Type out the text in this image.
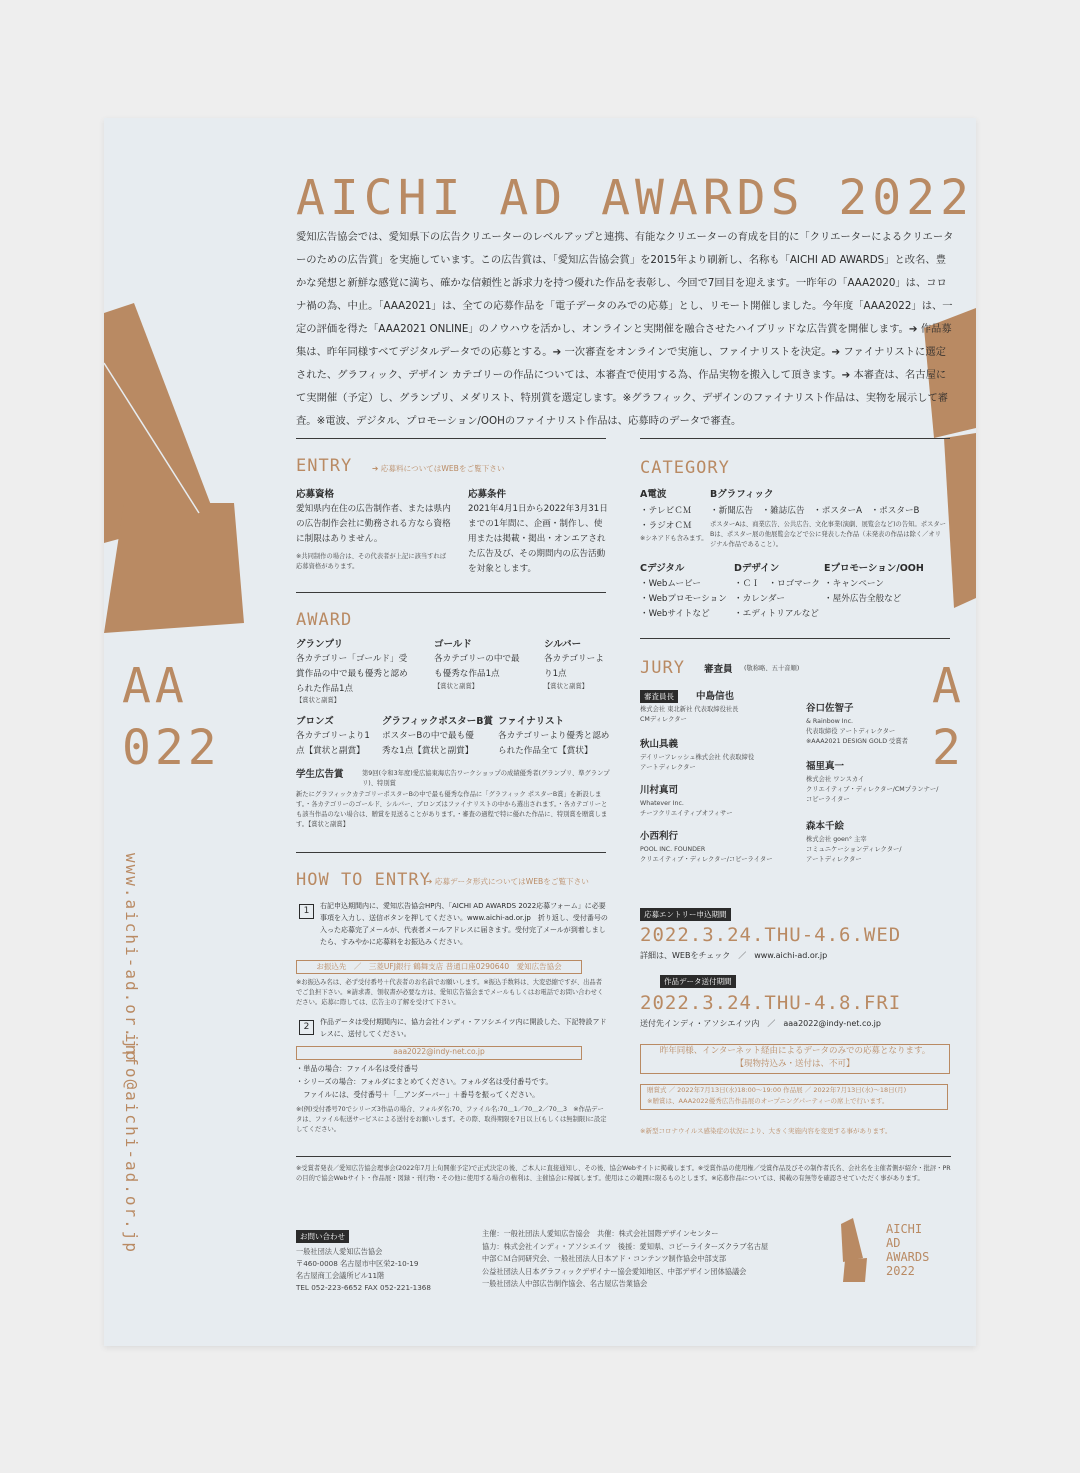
AICHI AD AWARDS 2022
愛知広告協会では、愛知県下の広告クリエーターのレベルアップと連携、有能なクリエーターの育成を目的に「クリエーターによるクリエーターのための広告賞」を実施しています。この広告賞は、「愛知広告協会賞」を2015年より刷新し、名称も「AICHI AD AWARDS」と改名、豊かな発想と新鮮な感覚に満ち、確かな信頼性と訴求力を持つ優れた作品を表彰し、今回で7回目を迎えます。一昨年の「AAA2020」は、コロナ禍の為、中止。「AAA2021」は、全ての応募作品を「電子データのみでの応募」とし、リモート開催しました。今年度「AAA2022」は、一定の評価を得た「AAA2021 ONLINE」のノウハウを活かし、オンラインと実開催を融合させたハイブリッドな広告賞を開催します。➔ 作品募集は、昨年同様すべてデジタルデータでの応募とする。➔ 一次審査をオンラインで実施し、ファイナリストを決定。➔ ファイナリストに選定された、グラフィック、デザイン カテゴリーの作品については、本審査で使用する為、作品実物を搬入して頂きます。➔ 本審査は、名古屋にて実開催（予定）し、グランプリ、メダリスト、特別賞を選定します。※グラフィック、デザインのファイナリスト作品は、実物を展示して審査。※電波、デジタル、プロモーション/OOHのファイナリスト作品は、応募時のデータで審査。
AA
022
A
2
www.aichi-ad.or.jp
info@aichi-ad.or.jp
ENTRY	➔ 応募料についてはWEBをご覧下さい
応募資格
愛知県内在住の広告制作者、または県内の広告制作会社に勤務される方なら資格に制限はありません。
※共同制作の場合は、その代表者が上記に該当すれば応募資格があります。
応募条件
2021年4月1日から2022年3月31日までの1年間に、企画・制作し、使用または掲載・掲出・オンエアされた広告及び、その期間内の広告活動を対象とします。
AWARD
グランプリ
各カテゴリー「ゴールド」受賞作品の中で最も優秀と認められた作品1点
【賞状と副賞】
ゴールド
各カテゴリーの中で最も優秀な作品1点
【賞状と副賞】
シルバー
各カテゴリーより1点
【賞状と副賞】
ブロンズ
各カテゴリーより1点【賞状と副賞】
グラフィックポスターB賞
ポスターBの中で最も優秀な1点【賞状と副賞】
ファイナリスト
各カテゴリーより優秀と認められた作品全て【賞状】
学生広告賞	第9回(令和3年度)愛広協東海広告ワークショップの成績優秀者(グランプリ、準グランプリ)、特別賞
新たにグラフィックカテゴリーポスターBの中で最も優秀な作品に「グラフィック ポスターB賞」を新設します。・各カテゴリーのゴールド、シルバー、ブロンズはファイナリストの中から選出されます。・各カテゴリーとも該当作品のない場合は、贈賞を見送ることがあります。・審査の過程で特に優れた作品に、特別賞を贈賞します。【賞状と副賞】
HOW TO ENTRY
➔ 応募データ形式についてはWEBをご覧下さい
1	右記申込期間内に、愛知広告協会HP内、「AICHI AD AWARDS 2022応募フォーム」に必要事項を入力し、送信ボタンを押してください。www.aichi-ad.or.jp　折り返し、受付番号の入った応募完了メールが、代表者メールアドレスに届きます。受付完了メールが到着しましたら、すみやかに応募料をお振込みください。
お振込先　／　三菱UFJ銀行 鶴舞支店 普通口座0290640　愛知広告協会
※お振込み名は、必ず受付番号＋代表者のお名前でお願いします。※振込手数料は、大変恐縮ですが、出品者でご負担下さい。※請求書、領収書が必要な方は、愛知広告協会までメールもしくはお電話でお問い合わせください。応募に際しては、広告主の了解を受けて下さい。
2	作品データは受付期間内に、協力会社インディ・アソシエイツ内に開設した、下記特設アドレスに、送付してください。
aaa2022@indy-net.co.jp
・単品の場合：ファイル名は受付番号
・シリーズの場合：フォルダにまとめてください。フォルダ名は受付番号です。
　ファイルには、受付番号＋「＿アンダーバー」＋番号を振ってください。
※(例)受付番号70でシリーズ3作品の場合、フォルダ名:70、ファイル名:70＿1／70＿2／70＿3　※作品データは、ファイル転送サービスによる送付をお願いします。その際、取得期限を7日以上(もしくは無制限)に設定してください。
CATEGORY
A電波
・テレビＣＭ
・ラジオＣＭ
※シネアドも含みます。
Bグラフィック
・新聞広告　・雑誌広告　・ポスターA　・ポスターB
ポスターAは、商業広告、公共広告、文化事業(演劇、展覧会など)の告知。ポスターBは、ポスター展の他展覧会などで公に発表した作品（未発表の作品は除く／オリジナル作品であること）。
Cデジタル
・Webムービー
・Webプロモーション
・Webサイトなど
Dデザイン
・ＣＩ　・ロゴマーク
・カレンダー
・エディトリアルなど
Eプロモーション/OOH
・キャンペーン
・屋外広告全般など
JURY 審査員 (敬称略、五十音順)
審査員長	中島信也
株式会社 東北新社 代表取締役社長
CMディレクター
秋山具義
デイリーフレッシュ株式会社 代表取締役
アートディレクター
川村真司
Whatever Inc.
チーフクリエイティブオフィサー
小西利行
POOL INC. FOUNDER
クリエイティブ・ディレクター/コピーライター
谷口佐智子
& Rainbow Inc.
代表取締役 アートディレクター
※AAA2021 DESIGN GOLD 受賞者
福里真一
株式会社 ワンスカイ
クリエイティブ・ディレクター/CMプランナー/
コピーライター
森本千絵
株式会社 goen° 主宰
コミュニケーションディレクター/
アートディレクター
応募エントリー申込期間
2022.3.24.THU-4.6.WED
詳細は、WEBをチェック　／　www.aichi-ad.or.jp
作品データ送付期間
2022.3.24.THU-4.8.FRI
送付先インディ・アソシエイツ内　／　aaa2022@indy-net.co.jp
昨年同様、インターネット経由によるデータのみでの応募となります。
【現物持込み・送付は、不可】
贈賞式 ／ 2022年7月13日(水)18:00〜19:00 作品展 ／ 2022年7月13日(水)〜18日(月)
※贈賞は、AAA2022優秀広告作品展のオープニングパーティーの席上で行います。
※新型コロナウイルス感染症の状況により、大きく実施内容を変更する事があります。
※受賞者発表／愛知広告協会理事会(2022年7月上旬開催予定)で正式決定の後、ご本人に直接通知し、その後、協会Webサイトに掲載します。※受賞作品の使用権／受賞作品及びその制作者氏名、会社名を主催者側が紹介・批評・PRの目的で協会Webサイト・作品展・図録・刊行物・その他に使用する場合の権利は、主催協会に帰属します。使用はこの範囲に限るものとします。※応募作品については、掲載の有無等を確認させていただく事があります。
お問い合わせ
一般社団法人愛知広告協会
〒460-0008 名古屋市中区栄2-10-19
名古屋商工会議所ビル11階
TEL 052-223-6652 FAX 052-221-1368
主催：一般社団法人愛知広告協会　共催：株式会社国際デザインセンター
協力：株式会社インディ・アソシエイツ　後援：愛知県、コピーライターズクラブ名古屋
中部ＣＭ合同研究会、一般社団法人日本アド・コンテンツ制作協会中部支部
公益社団法人日本グラフィックデザイナー協会愛知地区、中部デザイン団体協議会
一般社団法人中部広告制作協会、名古屋広告業協会
AICHI
AD
AWARDS
2022
